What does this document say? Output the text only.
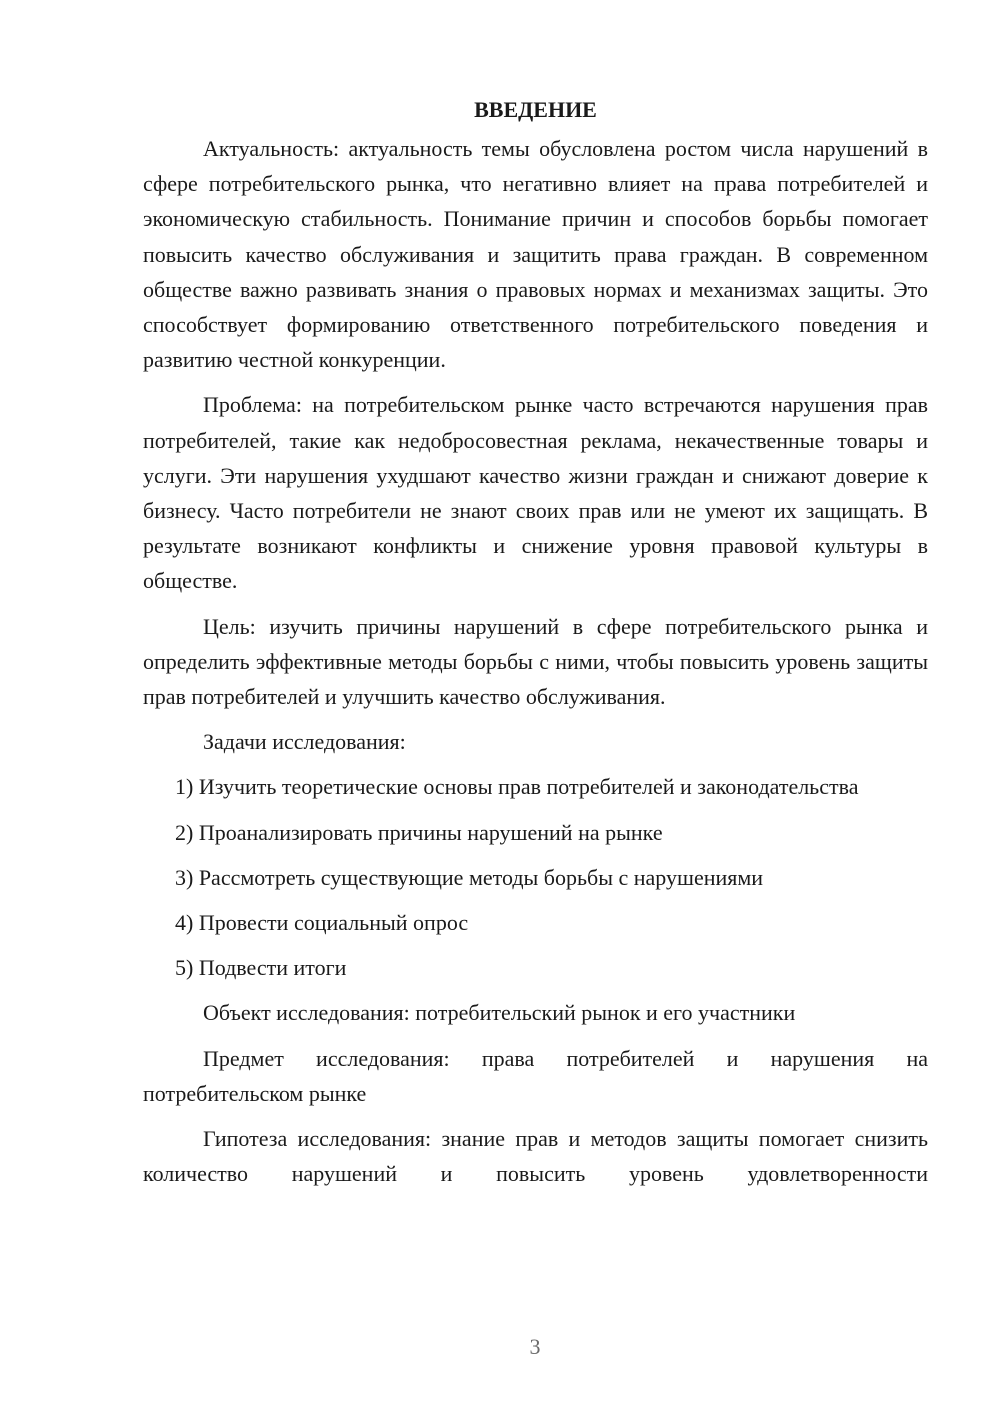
ВВЕДЕНИЕ

Актуальность: актуальность темы обусловлена ростом числа нарушений в сфере потребительского рынка, что негативно влияет на права потребителей и экономическую стабильность. Понимание причин и способов борьбы помогает повысить качество обслуживания и защитить права граждан. В современном обществе важно развивать знания о правовых нормах и механизмах защиты. Это способствует формированию ответственного потребительского поведения и развитию честной конкуренции.

Проблема: на потребительском рынке часто встречаются нарушения прав потребителей, такие как недобросовестная реклама, некачественные товары и услуги. Эти нарушения ухудшают качество жизни граждан и снижают доверие к бизнесу. Часто потребители не знают своих прав или не умеют их защищать. В результате возникают конфликты и снижение уровня правовой культуры в обществе.

Цель: изучить причины нарушений в сфере потребительского рынка и определить эффективные методы борьбы с ними, чтобы повысить уровень защиты прав потребителей и улучшить качество обслуживания.

Задачи исследования:

1) Изучить теоретические основы прав потребителей и законодательства

2) Проанализировать причины нарушений на рынке

3) Рассмотреть существующие методы борьбы с нарушениями

4) Провести социальный опрос

5) Подвести итоги

Объект исследования: потребительский рынок и его участники

Предмет исследования: права потребителей и нарушения на потребительском рынке

Гипотеза исследования: знание прав и методов защиты помогает снизить количество нарушений и повысить уровень удовлетворенности

3
